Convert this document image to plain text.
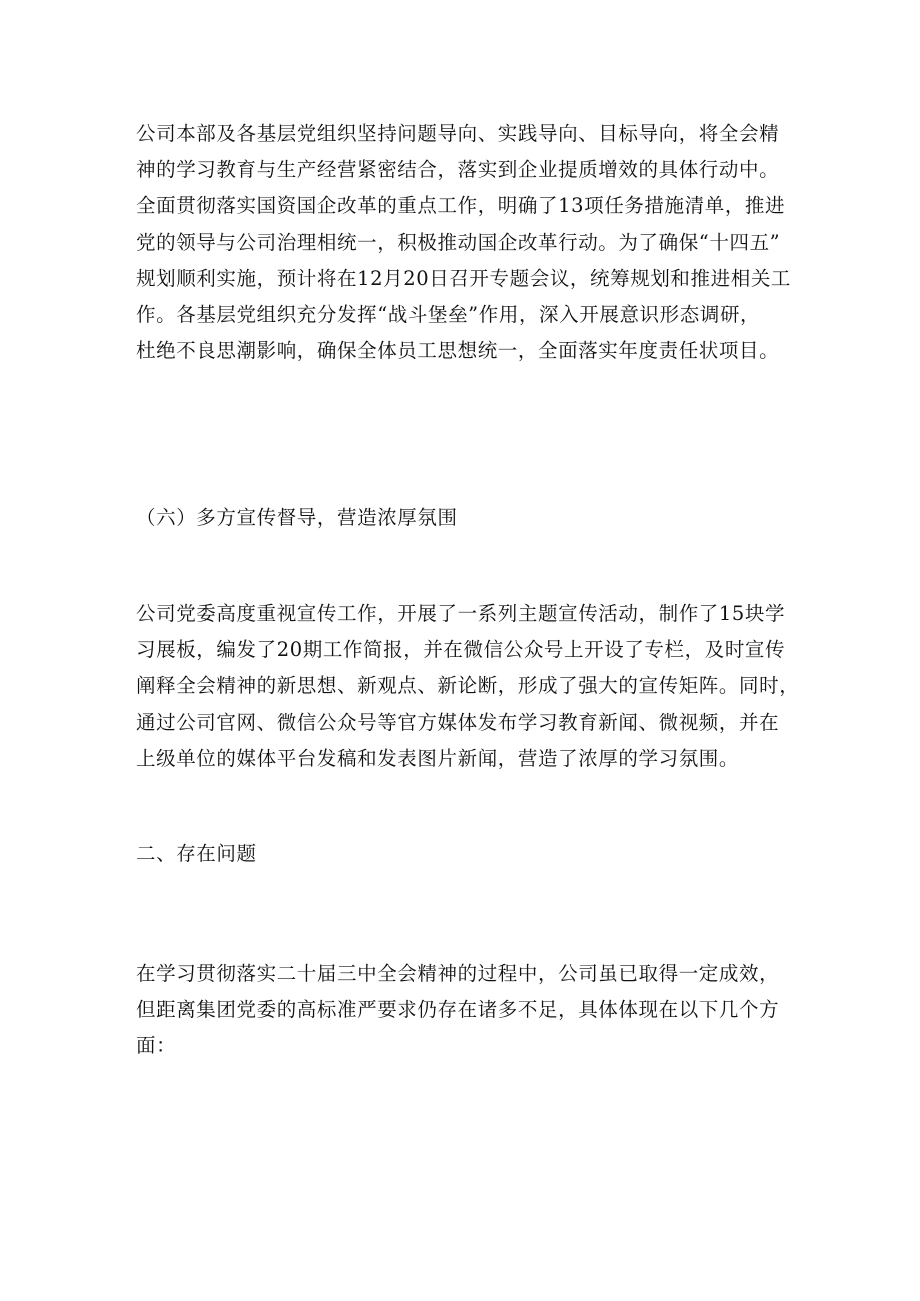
公司本部及各基层党组织坚持问题导向、实践导向、目标导向，将全会精
神的学习教育与生产经营紧密结合，落实到企业提质增效的具体行动中。
全面贯彻落实国资国企改革的重点工作，明确了13项任务措施清单，推进
党的领导与公司治理相统一，积极推动国企改革行动。为了确保“十四五”
规划顺利实施，预计将在12月20日召开专题会议，统筹规划和推进相关工
作。各基层党组织充分发挥“战斗堡垒”作用，深入开展意识形态调研，
杜绝不良思潮影响，确保全体员工思想统一，全面落实年度责任状项目。
（六）多方宣传督导，营造浓厚氛围
公司党委高度重视宣传工作，开展了一系列主题宣传活动，制作了15块学
习展板，编发了20期工作简报，并在微信公众号上开设了专栏，及时宣传
阐释全会精神的新思想、新观点、新论断，形成了强大的宣传矩阵。同时，
通过公司官网、微信公众号等官方媒体发布学习教育新闻、微视频，并在
上级单位的媒体平台发稿和发表图片新闻，营造了浓厚的学习氛围。
二、存在问题
在学习贯彻落实二十届三中全会精神的过程中，公司虽已取得一定成效，
但距离集团党委的高标准严要求仍存在诸多不足，具体体现在以下几个方
面：
